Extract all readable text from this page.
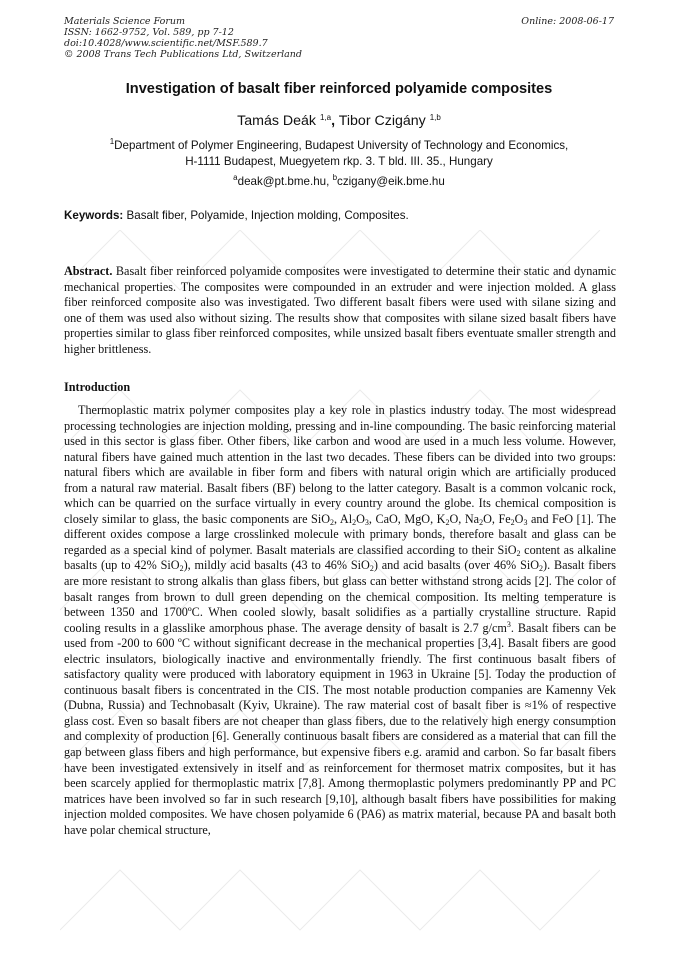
Materials Science Forum
ISSN: 1662-9752, Vol. 589, pp 7-12
doi:10.4028/www.scientific.net/MSF.589.7
© 2008 Trans Tech Publications Ltd, Switzerland
Online: 2008-06-17
Investigation of basalt fiber reinforced polyamide composites
Tamás Deák $^{1,a}$, Tibor Czigány $^{1,b}$
$^1$Department of Polymer Engineering, Budapest University of Technology and Economics,
H-1111 Budapest, Muegyetem rkp. 3. T bld. III. 35., Hungary
$^a$deak@pt.bme.hu, $^b$czigany@eik.bme.hu
Keywords: Basalt fiber, Polyamide, Injection molding, Composites.
Abstract. Basalt fiber reinforced polyamide composites were investigated to determine their static and dynamic mechanical properties. The composites were compounded in an extruder and were injection molded. A glass fiber reinforced composite also was investigated. Two different basalt fibers were used with silane sizing and one of them was used also without sizing. The results show that composites with silane sized basalt fibers have properties similar to glass fiber reinforced composites, while unsized basalt fibers eventuate smaller strength and higher brittleness.
Introduction
Thermoplastic matrix polymer composites play a key role in plastics industry today. The most widespread processing technologies are injection molding, pressing and in-line compounding. The basic reinforcing material used in this sector is glass fiber. Other fibers, like carbon and wood are used in a much less volume. However, natural fibers have gained much attention in the last two decades. These fibers can be divided into two groups: natural fibers which are available in fiber form and fibers with natural origin which are artificially produced from a natural raw material. Basalt fibers (BF) belong to the latter category. Basalt is a common volcanic rock, which can be quarried on the surface virtually in every country around the globe. Its chemical composition is closely similar to glass, the basic components are SiO$_2$, $Al_2O_3$, CaO, MgO, $K_2O$, $Na_2O$, $Fe_2O_3$ and FeO [1]. The different oxides compose a large crosslinked molecule with primary bonds, therefore basalt and glass can be regarded as a special kind of polymer. Basalt materials are classified according to their SiO$_2$ content as alkaline basalts (up to 42% SiO$_2$), mildly acid basalts (43 to 46% SiO$_2$) and acid basalts (over 46% SiO$_2$). Basalt fibers are more resistant to strong alkalis than glass fibers, but glass can better withstand strong acids [2]. The color of basalt ranges from brown to dull green depending on the chemical composition. Its melting temperature is between 1350 and 1700ºC. When cooled slowly, basalt solidifies as a partially crystalline structure. Rapid cooling results in a glasslike amorphous phase. The average density of basalt is 2.7 $g/cm^3$. Basalt fibers can be used from -200 to 600 ºC without significant decrease in the mechanical properties [3,4]. Basalt fibers are good electric insulators, biologically inactive and environmentally friendly. The first continuous basalt fibers of satisfactory quality were produced with laboratory equipment in 1963 in Ukraine [5]. Today the production of continuous basalt fibers is concentrated in the CIS. The most notable production companies are Kamenny Vek (Dubna, Russia) and Technobasalt (Kyiv, Ukraine). The raw material cost of basalt fiber is ≈1% of respective glass cost. Even so basalt fibers are not cheaper than glass fibers, due to the relatively high energy consumption and complexity of production [6]. Generally continuous basalt fibers are considered as a material that can fill the gap between glass fibers and high performance, but expensive fibers e.g. aramid and carbon. So far basalt fibers have been investigated extensively in itself and as reinforcement for thermoset matrix composites, but it has been scarcely applied for thermoplastic matrix [7,8]. Among thermoplastic polymers predominantly PP and PC matrices have been involved so far in such research [9,10], although basalt fibers have possibilities for making injection molded composites. We have chosen polyamide 6 (PA6) as matrix material, because PA and basalt both have polar chemical structure,
